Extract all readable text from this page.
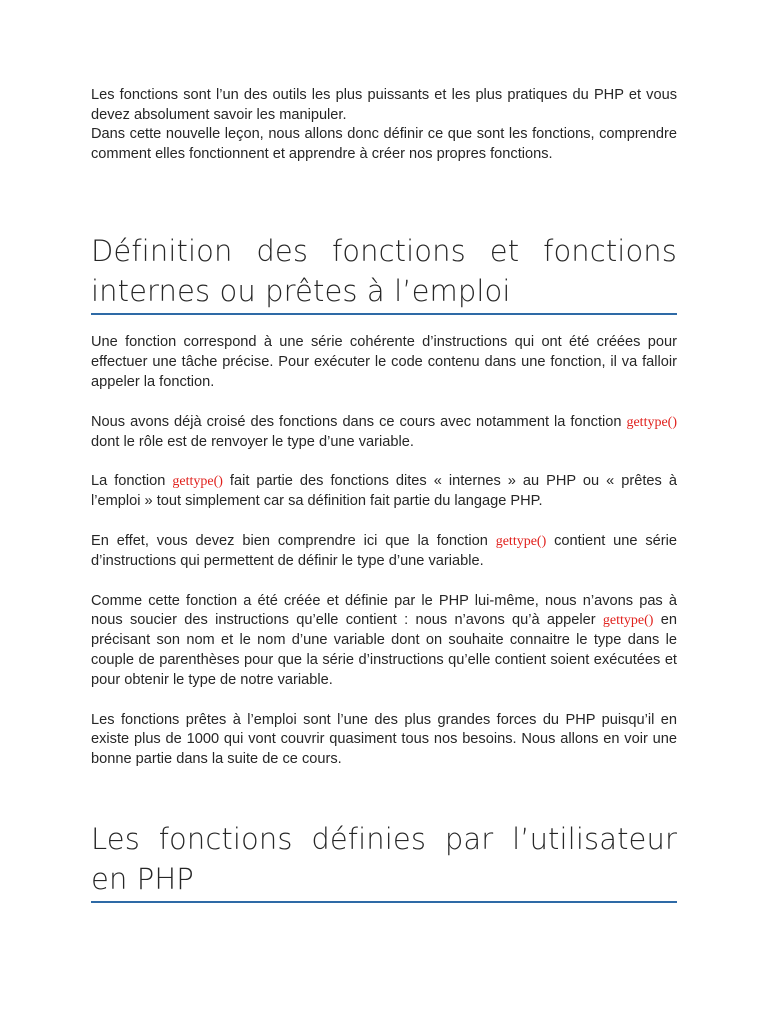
Les fonctions sont l’un des outils les plus puissants et les plus pratiques du PHP et vous devez absolument savoir les manipuler.

Dans cette nouvelle leçon, nous allons donc définir ce que sont les fonctions, comprendre comment elles fonctionnent et apprendre à créer nos propres fonctions.

Définition des fonctions et fonctions internes ou prêtes à l’emploi

Une fonction correspond à une série cohérente d’instructions qui ont été créées pour effectuer une tâche précise. Pour exécuter le code contenu dans une fonction, il va falloir appeler la fonction.

Nous avons déjà croisé des fonctions dans ce cours avec notamment la fonction gettype() dont le rôle est de renvoyer le type d’une variable.

La fonction gettype() fait partie des fonctions dites « internes » au PHP ou « prêtes à l’emploi » tout simplement car sa définition fait partie du langage PHP.

En effet, vous devez bien comprendre ici que la fonction gettype() contient une série d’instructions qui permettent de définir le type d’une variable.

Comme cette fonction a été créée et définie par le PHP lui-même, nous n’avons pas à nous soucier des instructions qu’elle contient : nous n’avons qu’à appeler gettype() en précisant son nom et le nom d’une variable dont on souhaite connaitre le type dans le couple de parenthèses pour que la série d’instructions qu’elle contient soient exécutées et pour obtenir le type de notre variable.

Les fonctions prêtes à l’emploi sont l’une des plus grandes forces du PHP puisqu’il en existe plus de 1000 qui vont couvrir quasiment tous nos besoins. Nous allons en voir une bonne partie dans la suite de ce cours.

Les fonctions définies par l’utilisateur en PHP
